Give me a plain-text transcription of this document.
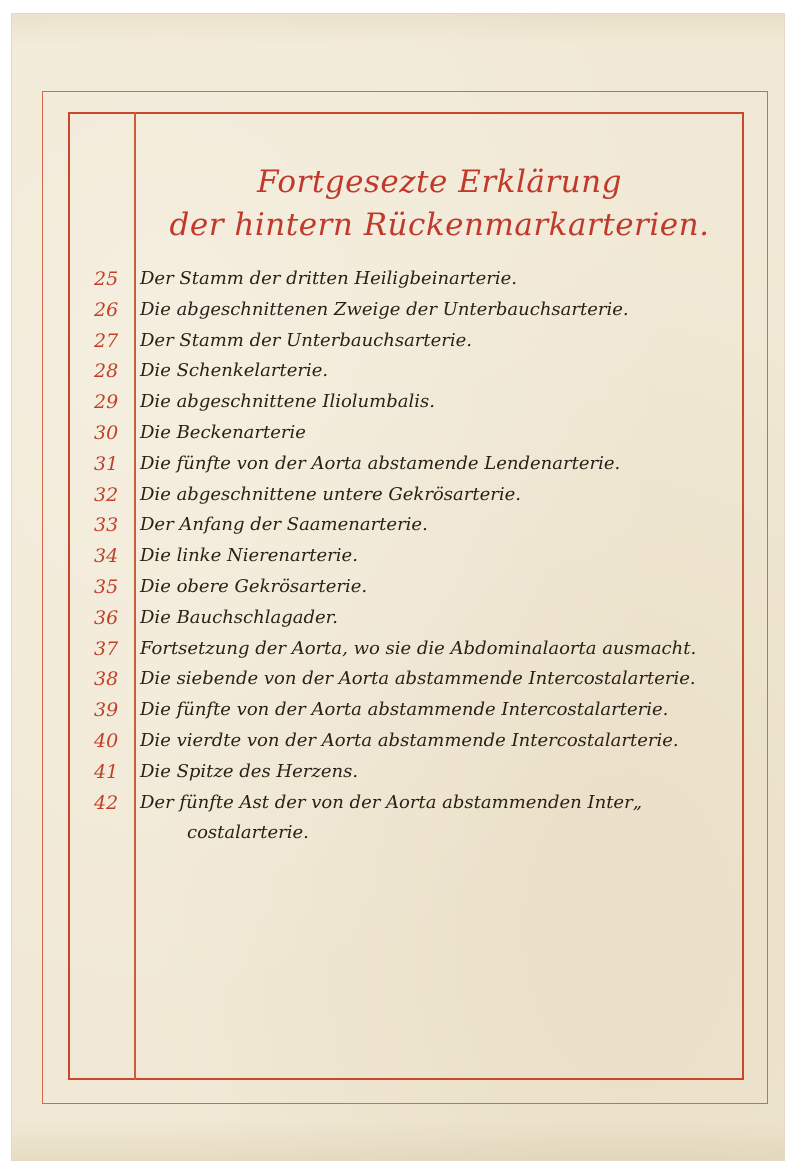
Fortgesezte Erklärung
der hintern Rückenmarkarterien.
25	Der Stamm der dritten Heiligbeinarterie.
26	Die abgeschnittenen Zweige der Unterbauchsarterie.
27	Der Stamm der Unterbauchsarterie.
28	Die Schenkelarterie.
29	Die abgeschnittene Iliolumbalis.
30	Die Beckenarterie
31	Die fünfte von der Aorta abstamende Lendenarterie.
32	Die abgeschnittene untere Gekrösarterie.
33	Der Anfang der Saamenarterie.
34	Die linke Nierenarterie.
35	Die obere Gekrösarterie.
36	Die Bauchschlagader.
37	Fortsetzung der Aorta, wo sie die Abdominalaorta ausmacht.
38	Die siebende von der Aorta abstammende Intercostalarterie.
39	Die fünfte von der Aorta abstammende Intercostalarterie.
40	Die vierdte von der Aorta abstammende Intercostalarterie.
41	Die Spitze des Herzens.
42	Der fünfte Ast der von der Aorta abstammenden Inter„
costalarterie.
